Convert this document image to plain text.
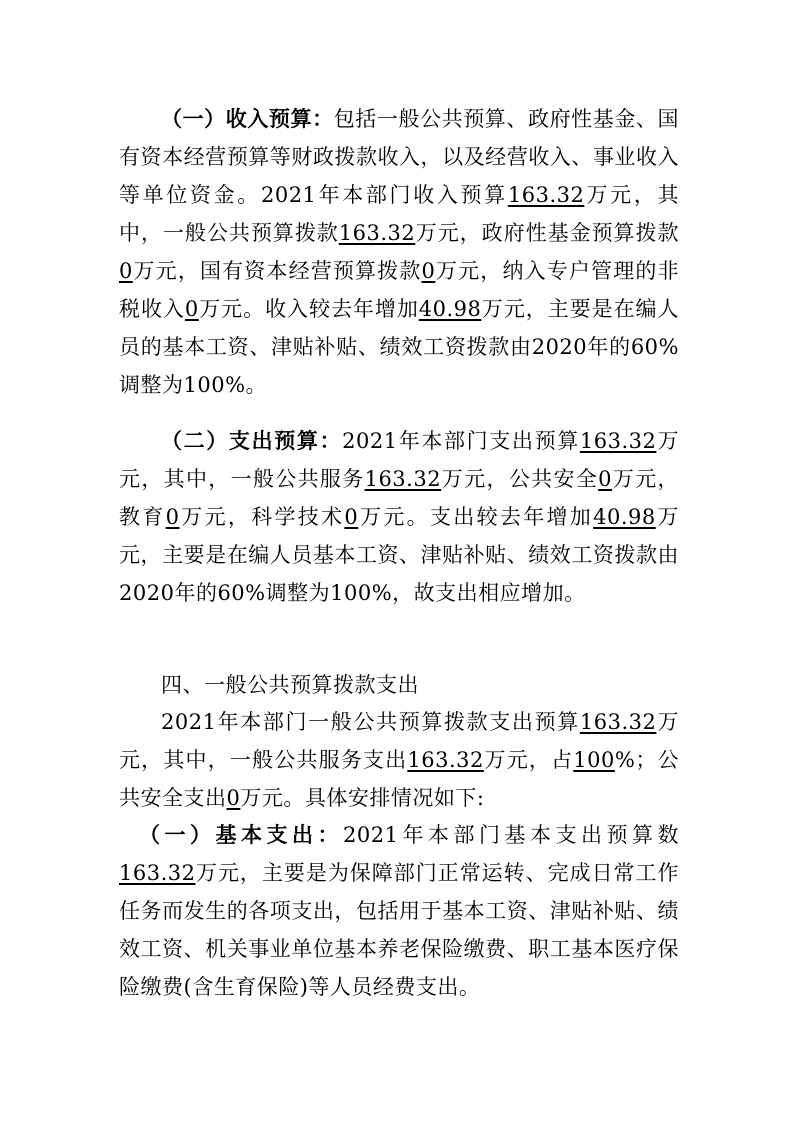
（一）收入预算：包括一般公共预算、政府性基金、国有资本经营预算等财政拨款收入，以及经营收入、事业收入等单位资金。2021年本部门收入预算163.32万元，其中，一般公共预算拨款163.32万元，政府性基金预算拨款0万元，国有资本经营预算拨款0万元，纳入专户管理的非税收入0万元。收入较去年增加40.98万元，主要是在编人员的基本工资、津贴补贴、绩效工资拨款由2020年的60%调整为100%。

（二）支出预算：2021年本部门支出预算163.32万元，其中，一般公共服务163.32万元，公共安全0万元，教育0万元，科学技术0万元。支出较去年增加40.98万元，主要是在编人员基本工资、津贴补贴、绩效工资拨款由2020年的60%调整为100%，故支出相应增加。

四、一般公共预算拨款支出

2021年本部门一般公共预算拨款支出预算163.32万元，其中，一般公共服务支出163.32万元，占100%；公共安全支出0万元。具体安排情况如下:

（一）基本支出：2021年本部门基本支出预算数163.32万元，主要是为保障部门正常运转、完成日常工作任务而发生的各项支出，包括用于基本工资、津贴补贴、绩效工资、机关事业单位基本养老保险缴费、职工基本医疗保险缴费(含生育保险)等人员经费支出。
